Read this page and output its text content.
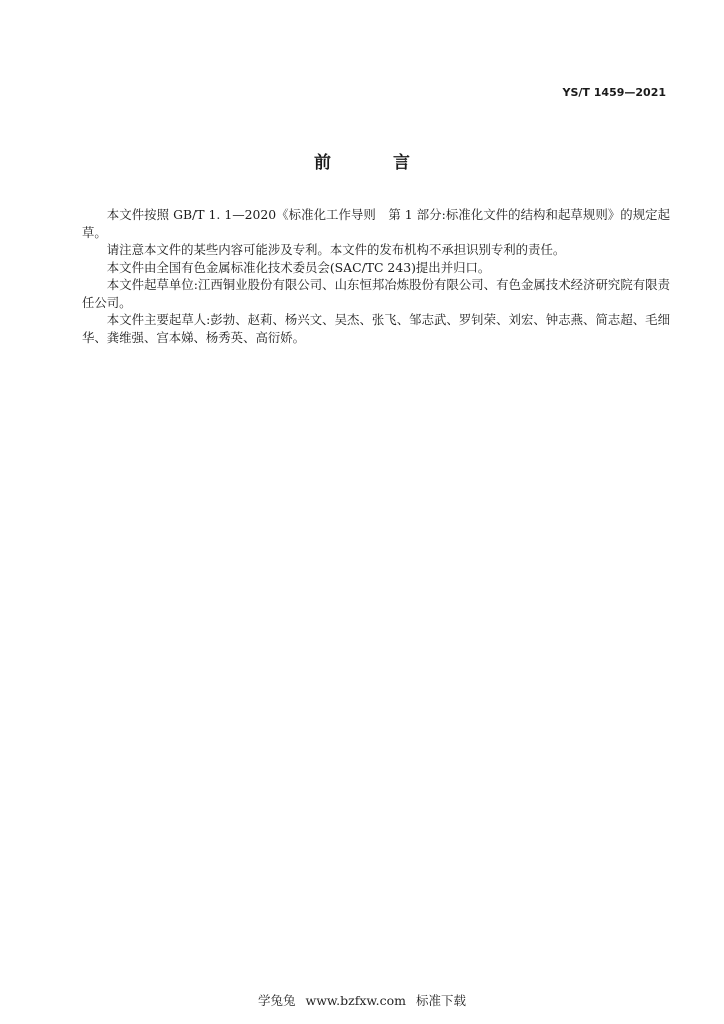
YS/T 1459—2021
前 言

本文件按照 GB/T 1. 1—2020《标准化工作导则　第 1 部分:标准化文件的结构和起草规则》的规定起草。

请注意本文件的某些内容可能涉及专利。本文件的发布机构不承担识别专利的责任。

本文件由全国有色金属标准化技术委员会(SAC/TC 243)提出并归口。

本文件起草单位:江西铜业股份有限公司、山东恒邦冶炼股份有限公司、有色金属技术经济研究院有限责任公司。

本文件主要起草人:彭勃、赵莉、杨兴文、吴杰、张飞、邹志武、罗钊荣、刘宏、钟志燕、简志超、毛细华、龚维强、宫本娣、杨秀英、高衍娇。

学兔兔 www.bzfxw.com 标准下载
